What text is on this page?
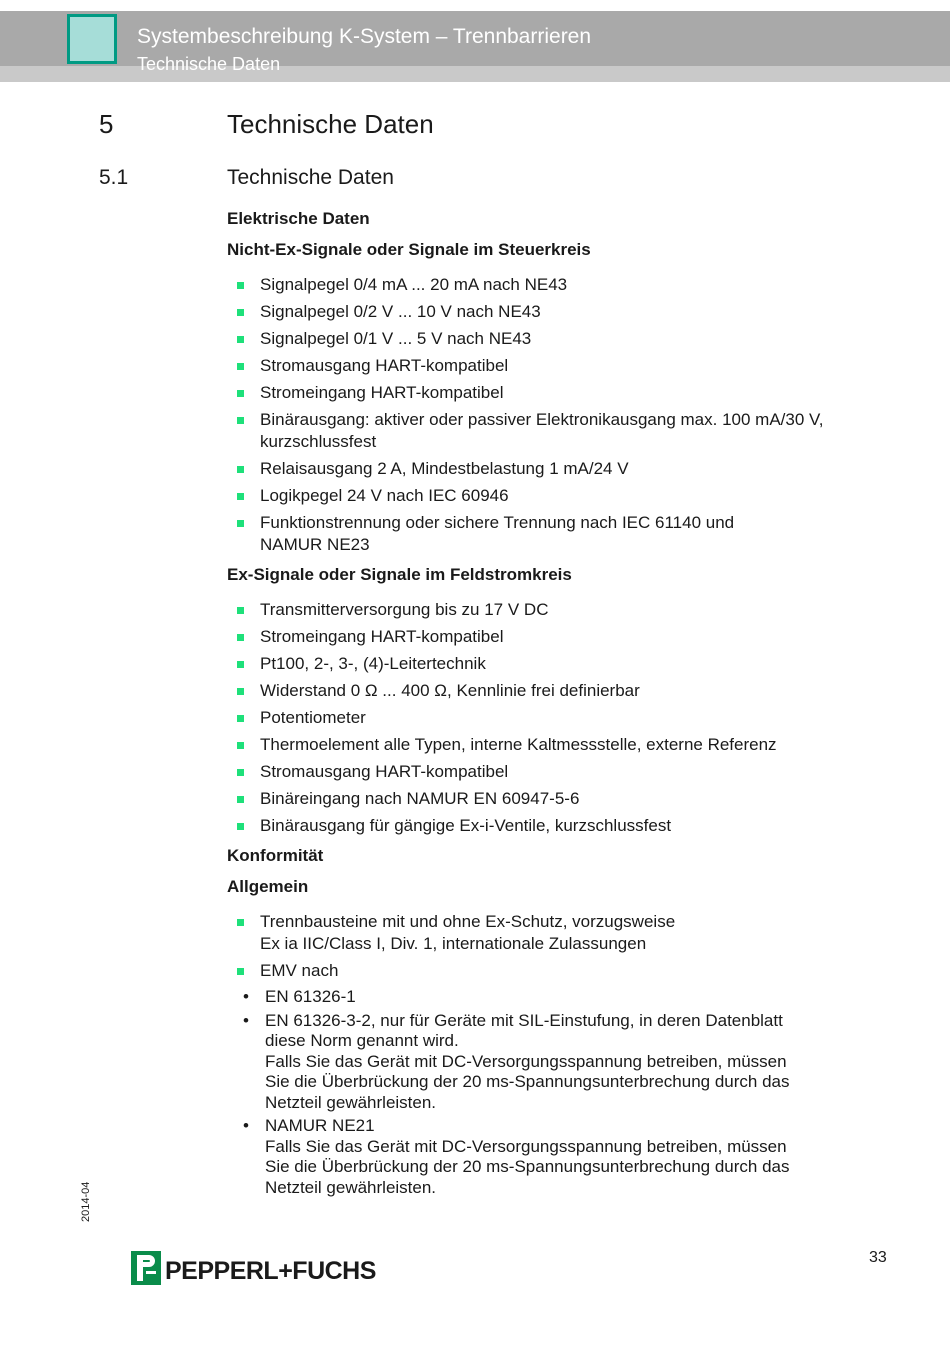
Systembeschreibung K-System – Trennbarrieren
Technische Daten
5	Technische Daten
5.1	Technische Daten

Elektrische Daten

Nicht-Ex-Signale oder Signale im Steuerkreis

Signalpegel 0/4 mA ... 20 mA nach NE43
Signalpegel 0/2 V ... 10 V nach NE43
Signalpegel 0/1 V ... 5 V nach NE43
Stromausgang HART-kompatibel
Stromeingang HART-kompatibel
Binärausgang: aktiver oder passiver Elektronikausgang max. 100 mA/30 V, kurzschlussfest
Relaisausgang 2 A, Mindestbelastung 1 mA/24 V
Logikpegel 24 V nach IEC 60946
Funktionstrennung oder sichere Trennung nach IEC 61140 und NAMUR NE23

Ex-Signale oder Signale im Feldstromkreis

Transmitterversorgung bis zu 17 V DC
Stromeingang HART-kompatibel
Pt100, 2-, 3-, (4)-Leitertechnik
Widerstand 0 Ω ... 400 Ω, Kennlinie frei definierbar
Potentiometer
Thermoelement alle Typen, interne Kaltmessstelle, externe Referenz
Stromausgang HART-kompatibel
Binäreingang nach NAMUR EN 60947-5-6
Binärausgang für gängige Ex-i-Ventile, kurzschlussfest

Konformität

Allgemein

Trennbausteine mit und ohne Ex-Schutz, vorzugsweise
Ex ia IIC/Class I, Div. 1, internationale Zulassungen
EMV nach
• EN 61326-1
• EN 61326-3-2, nur für Geräte mit SIL-Einstufung, in deren Datenblatt
diese Norm genannt wird.
Falls Sie das Gerät mit DC-Versorgungsspannung betreiben, müssen
Sie die Überbrückung der 20 ms-Spannungsunterbrechung durch das
Netzteil gewährleisten.
• NAMUR NE21
Falls Sie das Gerät mit DC-Versorgungsspannung betreiben, müssen
Sie die Überbrückung der 20 ms-Spannungsunterbrechung durch das
Netzteil gewährleisten.
2014-04
33
PEPPERL+FUCHS
